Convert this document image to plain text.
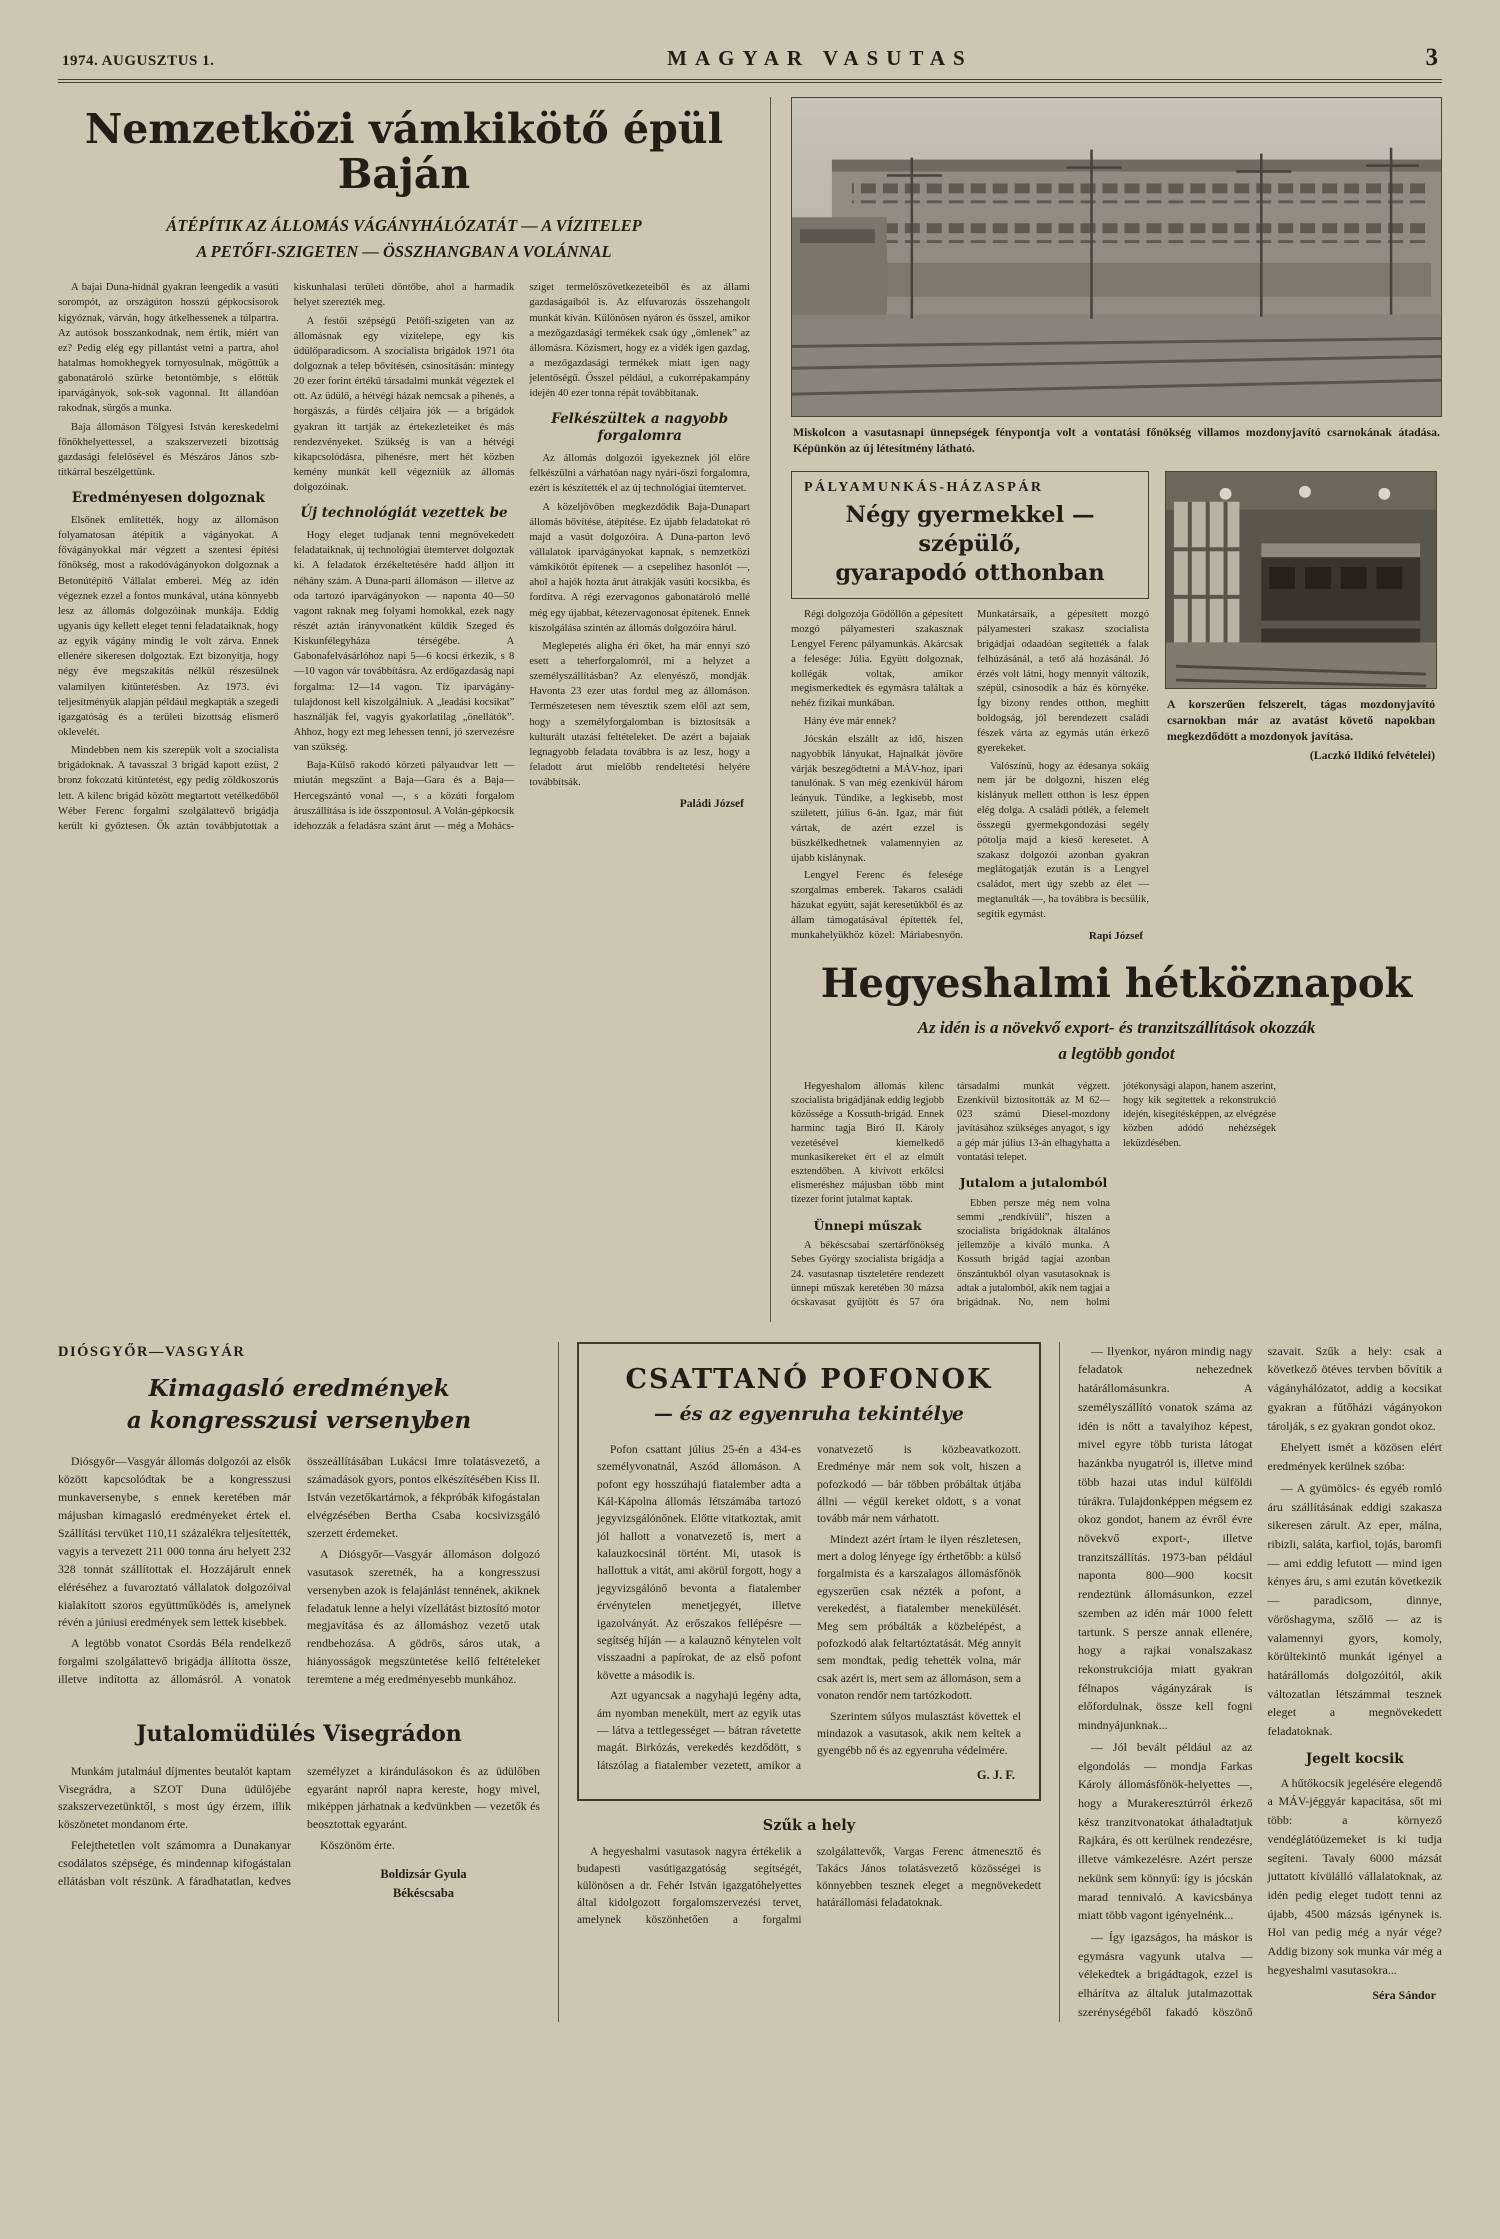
1974. AUGUSZTUS 1.	MAGYAR VASUTAS	3
Nemzetközi vámkikötő épül Baján

ÁTÉPÍTIK AZ ÁLLOMÁS VÁGÁNYHÁLÓZATÁT — A VÍZITELEP
A PETŐFI-SZIGETEN — ÖSSZHANGBAN A VOLÁNNAL

A bajai Duna-hídnál gyakran leengedik a vasúti sorompót, az országúton hosszú gépkocsisorok kígyóznak, várván, hogy átkelhessenek a túlpartra. Az autósok bosszankodnak, nem értik, miért van ez? Pedig elég egy pillantást vetni a partra, ahol hatalmas homokhegyek tornyosulnak, mögöttük a gabonatároló szürke betontömbje, s előttük iparvágányok, sok-sok vagonnal. Itt állandóan rakodnak, sürgős a munka.

Baja állomáson Tölgyesi István kereskedelmi főnökhelyettessel, a szakszervezeti bizottság gazdasági felelősével és Mészáros János szb-titkárral beszélgettünk.

Eredményesen dolgoznak

Elsőnek említették, hogy az állomáson folyamatosan átépítik a vágányokat. A fővágányokkal már végzett a szentesi építési főnökség, most a rakodóvágányokon dolgoznak a Betonútépítő Vállalat emberei. Még az idén végeznek ezzel a fontos munkával, utána könnyebb lesz az állomás dolgozóinak munkája. Eddig ugyanis úgy kellett eleget tenni feladataiknak, hogy az egyik vágány mindig le volt zárva. Ennek ellenére sikeresen dolgoztak. Ezt bizonyítja, hogy négy éve megszakítás nélkül részesülnek valamilyen kitüntetésben. Az 1973. évi teljesítményük alapján például megkapták a szegedi igazgatóság és a területi bizottság elismerő oklevelét.

Mindebben nem kis szerepük volt a szocialista brigádoknak. A tavasszal 3 brigád kapott ezüst, 2 bronz fokozatú kitüntetést, egy pedig zöldkoszorús lett. A kilenc brigád között megtartott vetélkedőből Wéber Ferenc forgalmi szolgálattevő brigádja került ki győztesen. Ők aztán továbbjutottak a kiskunhalasi területi döntőbe, ahol a harmadik helyet szerezték meg.

A festői szépségű Petőfi-szigeten van az állomásnak egy vízitelepe, egy kis üdülőparadicsom. A szocialista brigádok 1971 óta dolgoznak a telep bővítésén, csinosításán: mintegy 20 ezer forint értékű társadalmi munkát végeztek el ott. Az üdülő, a hétvégi házak nemcsak a pihenés, a horgászás, a fürdés céljaira jók — a brigádok gyakran itt tartják az értekezleteiket és más rendezvényeket. Szükség is van a hétvégi kikapcsolódásra, pihenésre, mert hét közben kemény munkát kell végezniük az állomás dolgozóinak.

Új technológiát vezettek be

Hogy eleget tudjanak tenni megnövekedett feladataiknak, új technológiai ütemtervet dolgoztak ki. A feladatok érzékeltetésére hadd álljon itt néhány szám. A Duna-parti állomáson — illetve az oda tartozó iparvágányokon — naponta 40—50 vagont raknak meg folyami homokkal, ezek nagy részét aztán irányvonatként küldik Szeged és Kiskunfélegyháza térségébe. A Gabonafelvásárlóhoz napi 5—6 kocsi érkezik, s 8—10 vagon vár továbbításra. Az erdőgazdaság napi forgalma: 12—14 vagon. Tíz iparvágány-tulajdonost kell kiszolgálniuk. A „leadási kocsikat” használják fel, vagyis gyakorlatilag „önellátók”. Ahhoz, hogy ezt meg lehessen tenni, jó szervezésre van szükség.

Baja-Külső rakodó körzeti pályaudvar lett — miután megszűnt a Baja—Gara és a Baja—Hercegszántó vonal —, s a közúti forgalom áruszállítása is ide összpontosul. A Volán-gépkocsik idehozzák a feladásra szánt árut — még a Mohács-sziget termelőszövetkezeteiből és az állami gazdaságaiból is. Az elfuvarozás összehangolt munkát kíván. Különösen nyáron és ősszel, amikor a mezőgazdasági termékek csak úgy „ömlenek” az állomásra. Közismert, hogy ez a vidék igen gazdag, a mezőgazdasági termékek miatt igen nagy jelentőségű. Ősszel például, a cukorrépakampány idején 40 ezer tonna répát továbbítanak.

Felkészültek a nagyobb forgalomra

Az állomás dolgozói igyekeznek jól előre felkészülni a várhatóan nagy nyári-őszi forgalomra, ezért is készítették el az új technológiai ütemtervet.

A közeljövőben megkezdődik Baja-Dunapart állomás bővítése, átépítése. Ez újabb feladatokat ró majd a vasút dolgozóira. A Duna-parton levő vállalatok iparvágányokat kapnak, s nemzetközi vámkikötőt építenek — a csepelihez hasonlót —, ahol a hajók hozta árut átrakják vasúti kocsikba, és fordítva. A régi ezervagonos gabonatároló mellé még egy újabbat, kétezervagonosat építenek. Ennek kiszolgálása szintén az állomás dolgozóira hárul.

Meglepetés aligha éri őket, ha már ennyi szó esett a teherforgalomról, mi a helyzet a személyszállításban? Az elenyésző, mondják. Havonta 23 ezer utas fordul meg az állomáson. Természetesen nem tévesztik szem elől azt sem, hogy a személyforgalomban is biztosítsák a kulturált utazási feltételeket. De azért a bajaiak legnagyobb feladata továbbra is az lesz, hogy a feladott árut mielőbb rendeltetési helyére továbbítsák.

Paládi József

Miskolcon a vasutasnapi ünnepségek fénypontja volt a vontatási főnökség villamos mozdonyjavító csarnokának átadása. Képünkön az új létesítmény látható.

PÁLYAMUNKÁS-HÁZASPÁR

Négy gyermekkel — szépülő,
gyarapodó otthonban

Régi dolgozója Gödöllőn a gépesített mozgó pályamesteri szakasznak Lengyel Ferenc pályamunkás. Akárcsak a felesége: Júlia. Együtt dolgoznak, kollégák voltak, amikor megismerkedtek és egymásra találtak a nehéz fizikai munkában.

Hány éve már ennek?

Jócskán elszállt az idő, hiszen nagyobbik lányukat, Hajnalkát jövőre várják beszegődtetni a MÁV-hoz, ipari tanulónak. S van még ezenkívül három leányuk. Tündike, a legkisebb, most született, július 6-án. Igaz, már fiút vártak, de azért ezzel is büszkélkedhetnek valamennyien az újabb kislánynak.

Lengyel Ferenc és felesége szorgalmas emberek. Takaros családi házukat együtt, saját keresetükből és az állam támogatásával építették fel, munkahelyükhöz közel: Máriabesnyőn. Munkatársaik, a gépesített mozgó pályamesteri szakasz szocialista brigádjai odaadóan segítették a falak felhúzásánál, a tető alá hozásánál. Jó érzés volt látni, hogy mennyit változik, szépül, csinosodik a ház és környéke. Így bizony rendes otthon, meghitt boldogság, jól berendezett családi fészek várta az egymás után érkező gyerekeket.

Valószínű, hogy az édesanya sokáig nem jár be dolgozni, hiszen elég kislányuk mellett otthon is lesz éppen elég dolga. A családi pótlék, a felemelt összegű gyermekgondozási segély pótolja majd a kieső keresetet. A szakasz dolgozói azonban gyakran meglátogatják ezután is a Lengyel családot, mert úgy szebb az élet — megtanulták —, ha továbbra is becsülik, segítik egymást.

Rapi József

A korszerűen felszerelt, tágas mozdonyjavító csarnokban már az avatást követő napokban megkezdődött a mozdonyok javítása.
(Laczkó Ildikó felvételei)

Hegyeshalmi hétköznapok

Az idén is a növekvő export- és tranzitszállítások okozzák
a legtöbb gondot

Hegyeshalom állomás kilenc szocialista brigádjának eddig legjobb közössége a Kossuth-brigád. Ennek harminc tagja Biró II. Károly vezetésével kiemelkedő munkasikereket ért el az elmúlt esztendőben. A kivívott erkölcsi elismeréshez májusban több mint tízezer forint jutalmat kaptak.

Ünnepi műszak

A békéscsabai szertárfőnökség Sebes György szocialista brigádja a 24. vasutasnap tiszteletére rendezett ünnepi műszak keretében 30 mázsa ócskavasat gyűjtött és 57 óra társadalmi munkát végzett. Ezenkívül biztosították az M 62—023 számú Diesel-mozdony javításához szükséges anyagot, s így a gép már július 13-án elhagyhatta a vontatási telepet.

Jutalom a jutalomból

Ebben persze még nem volna semmi „rendkívüli”, hiszen a szocialista brigádoknak általános jellemzője a kiváló munka. A Kossuth brigád tagjai azonban önszántukból olyan vasutasoknak is adtak a jutalomból, akik nem tagjai a brigádnak. No, nem holmi jótékonysági alapon, hanem aszerint, hogy kik segítettek a rekonstrukció idején, kisegítésképpen, az elvégzése közben adódó nehézségek leküzdésében.

DIÓSGYŐR—VASGYÁR

Kimagasló eredmények
a kongresszusi versenyben

Diósgyőr—Vasgyár állomás dolgozói az elsők között kapcsolódtak be a kongresszusi munkaversenybe, s ennek keretében már májusban kimagasló eredményeket értek el. Szállítási tervüket 110,11 százalékra teljesítették, vagyis a tervezett 211 000 tonna áru helyett 232 328 tonnát szállítottak el. Hozzájárult ennek eléréséhez a fuvaroztató vállalatok dolgozóival kialakított szoros együttműködés is, amelynek révén a júniusi eredmények sem lettek kisebbek.

A legtöbb vonatot Csordás Béla rendelkező forgalmi szolgálattevő brigádja állította össze, illetve indította az állomásról. A vonatok összeállításában Lukácsi Imre tolatásvezető, a számadások gyors, pontos elkészítésében Kiss II. István vezetőkartárnok, a fékpróbák kifogástalan elvégzésében Bertha Csaba kocsivizsgáló szerzett érdemeket.

A Diósgyőr—Vasgyár állomáson dolgozó vasutasok szeretnék, ha a kongresszusi versenyben azok is felajánlást tennének, akiknek feladatuk lenne a helyi vízellátást biztosító motor megjavítása és az állomáshoz vezető utak rendbehozása. A gödrös, sáros utak, a hiányosságok megszüntetése kellő feltételeket teremtene a még eredményesebb munkához.

Jutalomüdülés Visegrádon

Munkám jutalmául díjmentes beutalót kaptam Visegrádra, a SZOT Duna üdülőjébe szakszervezetünktől, s most úgy érzem, illik köszönetet mondanom érte.

Felejthetetlen volt számomra a Dunakanyar csodálatos szépsége, és mindennap kifogástalan ellátásban volt részünk. A fáradhatatlan, kedves személyzet a kirándulásokon és az üdülőben egyaránt napról napra kereste, hogy mivel, miképpen járhatnak a kedvünkben — vezetők és beosztottak egyaránt.

Köszönöm érte.

Boldizsár Gyula
Békéscsaba
CSATTANÓ POFONOK
— és az egyenruha tekintélye

Pofon csattant július 25-én a 434-es személyvonatnál, Aszód állomáson. A pofont egy hosszúhajú fiatalember adta a Kál-Kápolna állomás létszámába tartozó jegyvizsgálónőnek. Előtte vitatkoztak, amit jól hallott a vonatvezető is, mert a kalauzkocsinál történt. Mi, utasok is hallottuk a vitát, ami akörül forgott, hogy a jegyvizsgálónő bevonta a fiatalember érvénytelen menetjegyét, illetve igazolványát. Az erőszakos fellépésre — segítség híján — a kalauznő kénytelen volt visszaadni a papírokat, de az első pofont követte a második is.

Azt ugyancsak a nagyhajú legény adta, ám nyomban menekült, mert az egyik utas — látva a tettlegességet — bátran rávetette magát. Birkózás, verekedés kezdődött, s látszólag a fiatalember vezetett, amikor a vonatvezető is közbeavatkozott. Eredménye már nem sok volt, hiszen a pofozkodó — bár többen próbáltak útjába állni — végül kereket oldott, s a vonat tovább már nem várhatott.

Mindezt azért írtam le ilyen részletesen, mert a dolog lényege így érthetőbb: a külső forgalmista és a karszalagos állomásfőnök egyszerűen csak nézték a pofont, a verekedést, a fiatalember menekülését. Meg sem próbálták a közbelépést, a pofozkodó alak feltartóztatását. Még annyit sem mondtak, pedig tehették volna, már csak azért is, mert sem az állomáson, sem a vonaton rendőr nem tartózkodott.

Szerintem súlyos mulasztást követtek el mindazok a vasutasok, akik nem keltek a gyengébb nő és az egyenruha védelmére.

G. J. F.

Szűk a hely

A hegyeshalmi vasutasok nagyra értékelik a budapesti vasútigazgatóság segítségét, különösen a dr. Fehér István igazgatóhelyettes által kidolgozott forgalomszervezési tervet, amelynek köszönhetően a forgalmi szolgálattevők, Vargas Ferenc átmenesztő és Takács János tolatásvezető közösségei is könnyebben tesznek eleget a megnövekedett határállomási feladatoknak.

— Ilyenkor, nyáron mindig nagy feladatok nehezednek határállomásunkra. A személyszállító vonatok száma az idén is nőtt a tavalyihoz képest, mivel egyre több turista látogat hazánkba nyugatról is, illetve mind több hazai utas indul külföldi túrákra. Tulajdonképpen mégsem ez okoz gondot, hanem az évről évre növekvő export-, illetve tranzitszállítás. 1973-ban például naponta 800—900 kocsit rendeztünk állomásunkon, ezzel szemben az idén már 1000 felett tartunk. S persze annak ellenére, hogy a rajkai vonalszakasz rekonstrukciója miatt gyakran félnapos vágányzárak is előfordulnak, össze kell fogni mindnyájunknak...

— Jól bevált például az az elgondolás — mondja Farkas Károly állomásfőnök-helyettes —, hogy a Murakeresztúrról érkező kész tranzitvonatokat áthaladtatjuk Rajkára, és ott kerülnek rendezésre, illetve vámkezelésre. Azért persze nekünk sem könnyű: így is jócskán marad tennivaló. A kavicsbánya miatt több vagont igényelnénk...

— Így igazságos, ha máskor is egymásra vagyunk utalva — vélekedtek a brigádtagok, ezzel is elhárítva az általuk jutalmazottak szerénységéből fakadó köszönő szavait. Szűk a hely: csak a következő ötéves tervben bővítik a vágányhálózatot, addig a kocsikat gyakran a fűtőházi vágányokon tárolják, s ez gyakran gondot okoz.

Ehelyett ismét a közösen elért eredmények kerülnek szóba:

— A gyümölcs- és egyéb romló áru szállításának eddigi szakasza sikeresen zárult. Az eper, málna, ribizli, saláta, karfiol, tojás, baromfi — ami eddig lefutott — mind igen kényes áru, s ami ezután következik — paradicsom, dinnye, vöröshagyma, szőlő — az is valamennyi gyors, komoly, körültekintő munkát igényel a határállomás dolgozóitól, akik változatlan létszámmal tesznek eleget a megnövekedett feladatoknak.

Jegelt kocsik

A hűtőkocsik jegelésére elegendő a MÁV-jéggyár kapacitása, sőt mi több: a környező vendéglátóüzemeket is ki tudja segíteni. Tavaly 6000 mázsát juttatott kívülálló vállalatoknak, az idén pedig eleget tudott tenni az újabb, 4500 mázsás igénynek is. Hol van pedig még a nyár vége? Addig bizony sok munka vár még a hegyeshalmi vasutasokra...

Séra Sándor
